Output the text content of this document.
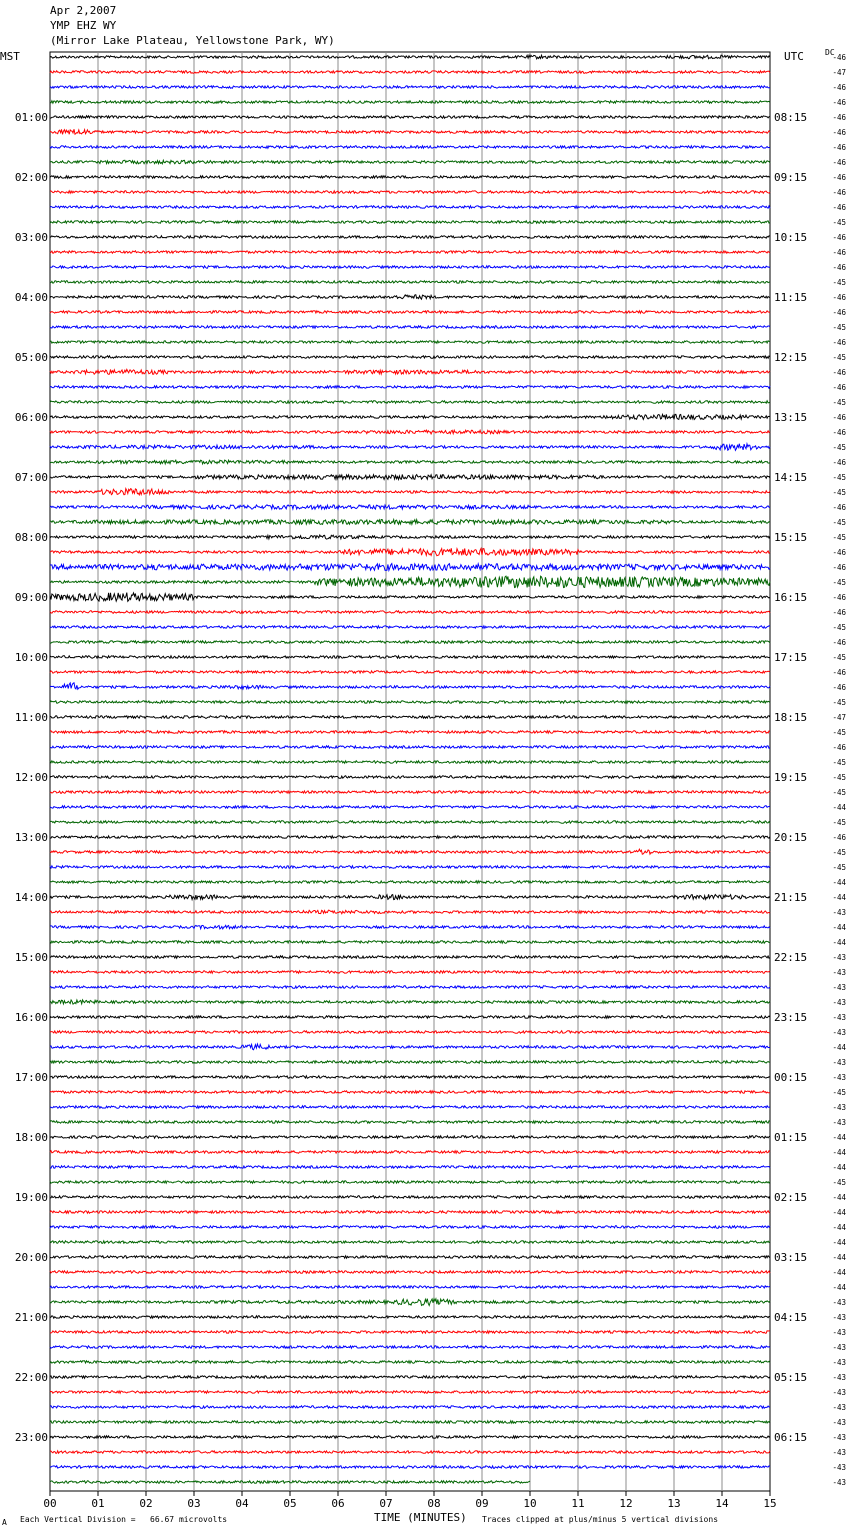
Apr 2,2007
YMP EHZ WY
(Mirror Lake Plateau, Yellowstone Park, WY)
MST	UTC	DC
00	01	02	03	04	05	06	07	08	09	10	11	12	13	14	15
-46
-47
-46
-46
-46
-46
-46
-46
-46
-46
-46
-45
-46
-46
-46
-45
-46
-46
-45
-46
-45
-46
-46
-45
-46
-46
-45
-46
-45
-45
-46
-45
-45
-46
-46
-45
-46
-46
-45
-46
-45
-46
-46
-45
-47
-45
-46
-45
-45
-45
-44
-45
-46
-45
-45
-44
-44
-43
-44
-44
-43
-43
-43
-43
-43
-43
-44
-43
-43
-45
-43
-43
-44
-44
-44
-45
-44
-44
-44
-44
-44
-44
-44
-43
-43
-43
-43
-43
-43
-43
-43
-43
-43
-43
-43
-43
01:00
02:00
03:00
04:00
05:00
06:00
07:00
08:00
09:00
10:00
11:00
12:00
13:00
14:00
15:00
16:00
17:00
18:00
19:00
20:00
21:00
22:00
23:00
08:15
09:15
10:15
11:15
12:15
13:15
14:15
15:15
16:15
17:15
18:15
19:15
20:15
21:15
22:15
23:15
00:15
01:15
02:15
03:15
04:15
05:15
06:15
A Each Vertical Division =   66.67 microvolts	TIME (MINUTES) Traces clipped at plus/minus 5 vertical divisions
